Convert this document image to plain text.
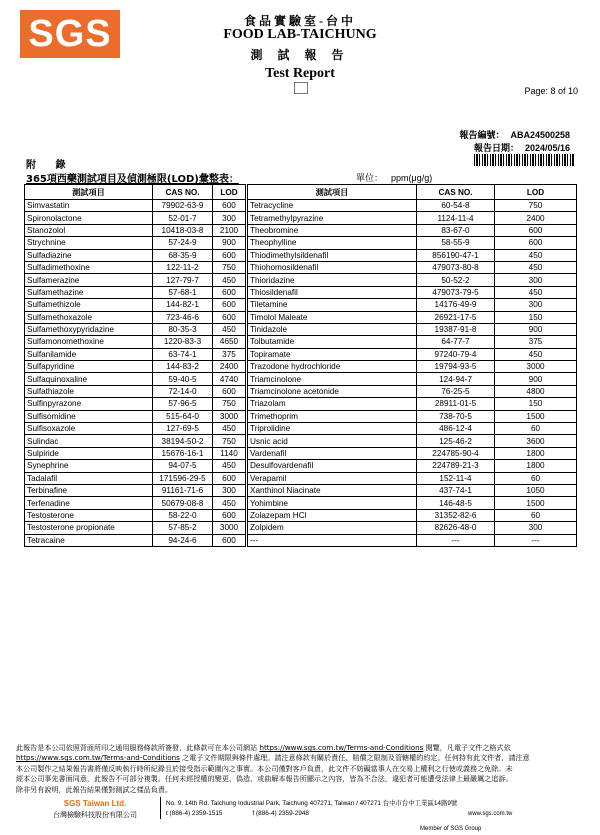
SGS	食品實驗室-台中
FOOD LAB-TAICHUNG
測 試 報 告
Test Report
Page: 8 of 10
報告編號： ABA24500258
報告日期： 2024/05/16
附 錄
365項西藥測試項目及偵測極限(LOD)彙整表：	單位： ppm(μg/g)
測試項目	CAS NO.	LOD	測試項目	CAS NO.	LOD
Simvastatin	79902-63-9	600	Tetracycline	60-54-8	750
Spironolactone	52-01-7	300	Tetramethylpyrazine	1124-11-4	2400
Stanozolol	10418-03-8	2100	Theobromine	83-67-0	600
Strychnine	57-24-9	900	Theophylline	58-55-9	600
Sulfadiazine	68-35-9	600	Thiodimethylsildenafil	856190-47-1	450
Sulfadimethoxine	122-11-2	750	Thiohomosildenafil	479073-80-8	450
Sulfamerazine	127-79-7	450	Thioridazine	50-52-2	300
Sulfamethazine	57-68-1	600	Thiosildenafil	479073-79-5	450
Sulfamethizole	144-82-1	600	Tiletamine	14176-49-9	300
Sulfamethoxazole	723-46-6	600	Timolol Maleate	26921-17-5	150
Sulfamethoxypyridazine	80-35-3	450	Tinidazole	19387-91-8	900
Sulfamonomethoxine	1220-83-3	4650	Tolbutamide	64-77-7	375
Sulfanilamide	63-74-1	375	Topiramate	97240-79-4	450
Sulfapyridine	144-83-2	2400	Trazodone hydrochloride	19794-93-5	3000
Sulfaquinoxaline	59-40-5	4740	Triamcinolone	124-94-7	900
Sulfathiazole	72-14-0	600	Triamcinolone acetonide	76-25-5	4800
Sulfinpyrazone	57-96-5	750	Triazolam	28911-01-5	150
Sulfisomidine	515-64-0	3000	Trimethoprim	738-70-5	1500
Sulfisoxazole	127-69-5	450	Triprolidine	486-12-4	60
Sulindac	38194-50-2	750	Usnic acid	125-46-2	3600
Sulpiride	15676-16-1	1140	Vardenafil	224785-90-4	1800
Synephrine	94-07-5	450	Desulfovardenafil	224789-21-3	1800
Tadalafil	171596-29-5	600	Verapamil	152-11-4	60
Terbinafine	91161-71-6	300	Xanthinol Niacinate	437-74-1	1050
Terfenadine	50679-08-8	450	Yohimbine	146-48-5	1500
Testosterone	58-22-0	600	Zolazepam HCl	31352-82-6	60
Testosterone propionate	57-85-2	3000	Zolpidem	82626-48-0	300
Tetracaine	94-24-6	600	---	---	---
此報告是本公司依照背面所印之通用服務條款所簽發，此條款可在本公司網站 https://www.sgs.com.tw/Terms-and-Conditions 閱覽，凡電子文件之格式依
https://www.sgs.com.tw/Terms-and-Conditions 之電子文件期限與條件處理。請注意條款有關於責任、賠償之限制及管轄權的約定。任何持有此文件者，請注意
本公司製作之結果報告書將僅反映執行時所紀錄且於接受指示範圍內之事實。本公司僅對客戶負責，此文件不妨礙當事人在交易上權利之行使或義務之免除。未
經本公司事先書面同意，此報告不可部分複製。任何未經授權的變更、偽造、或曲解本報告所顯示之內容，皆為不合法，違犯者可能遭受法律上最嚴厲之追訴。
除非另有說明，此報告結果僅對測試之樣品負責。
SGS Taiwan Ltd.
台灣檢驗科技股份有限公司
No. 9, 14th Rd. Taichung Industrial Park, Taichung 407271, Taiwan / 407271 台中市台中工業區14路9號
t (886-4) 2359-1515	f (886-4) 2359-2948	www.sgs.com.tw
Member of SGS Group
